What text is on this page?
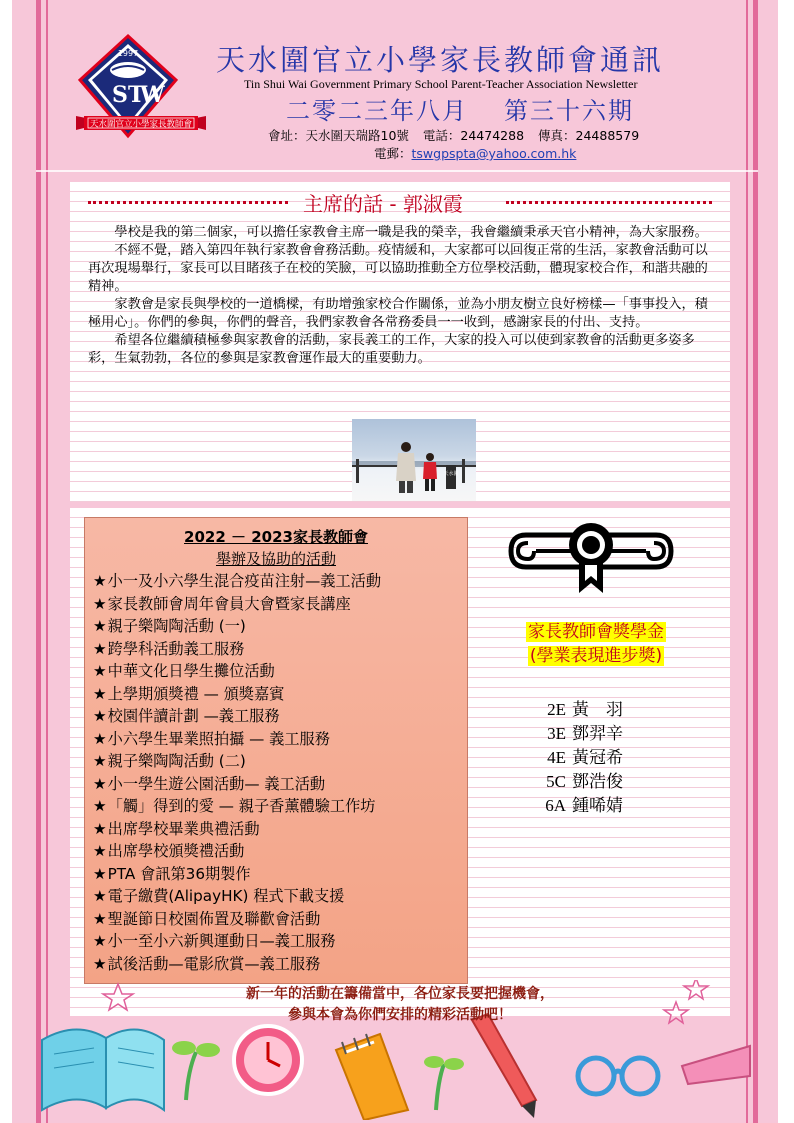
1997
S T
W
天水圍官立小學家長教師會
天水圍官立小學家長教師會通訊
Tin Shui Wai Government Primary School Parent-Teacher Association Newsletter
二零二三年八月 第三十六期
會址：天水圍天瑞路10號 電話：24474288 傳真：24488579
電郵：tswgpspta@yahoo.com.hk
主席的話 - 郭淑霞

學校是我的第二個家，可以擔任家教會主席一職是我的榮幸，我會繼續秉承天官小精神，為大家服務。

不經不覺，踏入第四年執行家教會會務活動。疫情緩和，大家都可以回復正常的生活，家教會活動可以再次現場舉行，家長可以目睹孩子在校的笑臉，可以協助推動全方位學校活動，體現家校合作，和諧共融的精神。

家教會是家長與學校的一道橋樑，有助增強家校合作關係，並為小朋友樹立良好榜樣—「事事投入，積極用心」。你們的參與，你們的聲音，我們家教會各常務委員一一收到，感謝家長的付出、支持。

希望各位繼續積極參與家教會的活動，家長義工的工作，大家的投入可以使到家教會的活動更多姿多彩，生氣勃勃，各位的參與是家教會運作最大的重要動力。

天水圍
2022 － 2023家長教師會
舉辦及協助的活動
★ 小一及小六學生混合疫苗注射—義工活動
★ 家長教師會周年會員大會暨家長講座
★ 親子樂陶陶活動 (一)
★ 跨學科活動義工服務
★ 中華文化日學生攤位活動
★ 上學期頒獎禮 — 頒獎嘉賓
★ 校園伴讀計劃 —義工服務
★ 小六學生畢業照拍攝 — 義工服務
★ 親子樂陶陶活動 (二)
★ 小一學生遊公園活動— 義工活動
★ 「觸」得到的愛 — 親子香薰體驗工作坊
★ 出席學校畢業典禮活動
★ 出席學校頒獎禮活動
★ PTA 會訊第36期製作
★ 電子繳費(AlipayHK) 程式下載支援
★ 聖誕節日校園佈置及聯歡會活動
★ 小一至小六新興運動日—義工服務
★ 試後活動—電影欣賞—義工服務
家長教師會獎學金
(學業表現進步獎)
2E 黃　羽
3E 鄧羿辛
4E 黃冠希
5C 鄧浩俊
6A 鍾唏婧
新一年的活動在籌備當中，各位家長要把握機會，
參與本會為你們安排的精彩活動吧！
